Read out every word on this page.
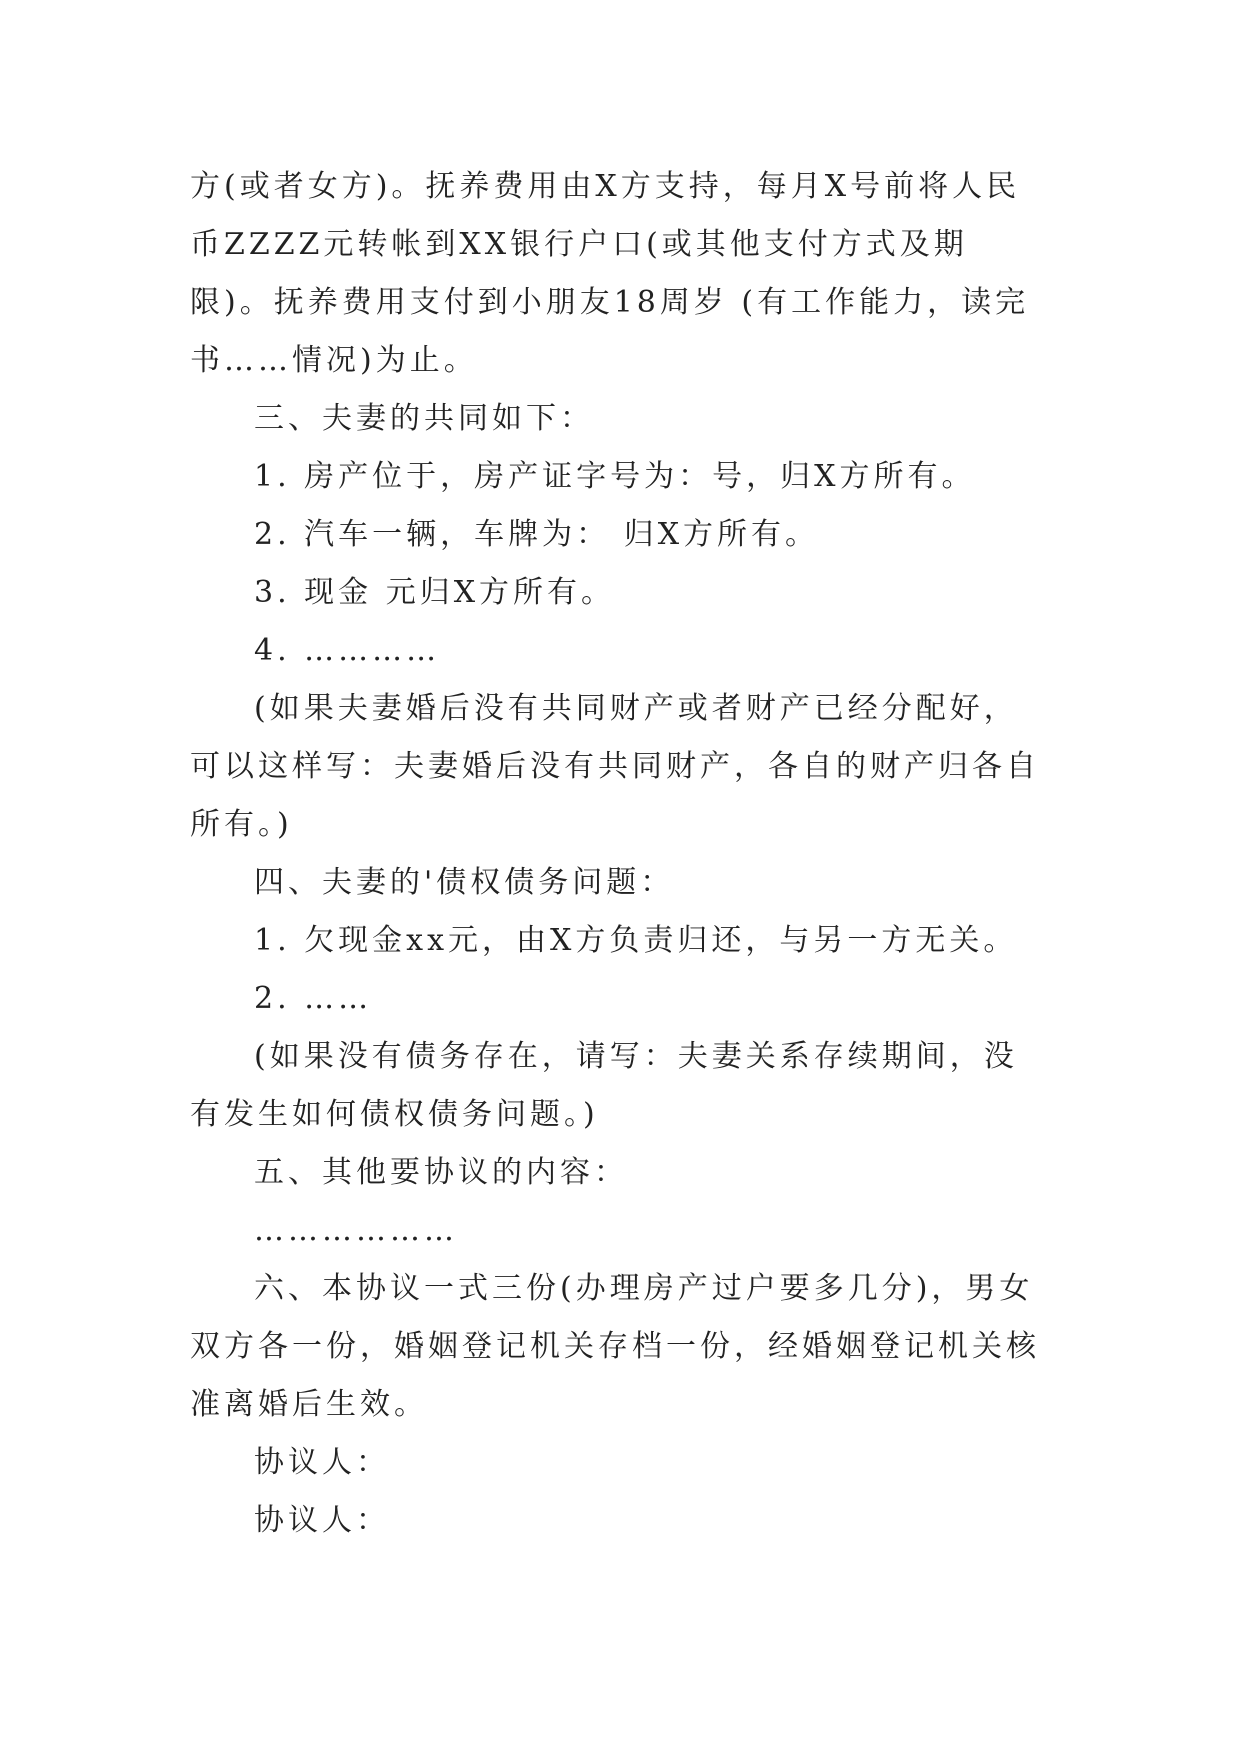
方(或者女方)。抚养费用由X方支持，每月X号前将人民币ZZZZ元转帐到XX银行户口(或其他支付方式及期限)。抚养费用支付到小朋友18周岁 (有工作能力，读完书……情况)为止。

三、夫妻的共同如下：

1. 房产位于，房产证字号为：号，归X方所有。

2. 汽车一辆，车牌为： 归X方所有。

3. 现金 元归X方所有。

4. …………

(如果夫妻婚后没有共同财产或者财产已经分配好，可以这样写：夫妻婚后没有共同财产，各自的财产归各自所有。)

四、夫妻的'债权债务问题：

1. 欠现金xx元，由X方负责归还，与另一方无关。

2. ……

(如果没有债务存在，请写：夫妻关系存续期间，没有发生如何债权债务问题。)

五、其他要协议的内容：

………………

六、本协议一式三份(办理房产过户要多几分)，男女双方各一份，婚姻登记机关存档一份，经婚姻登记机关核准离婚后生效。

协议人：

协议人：
